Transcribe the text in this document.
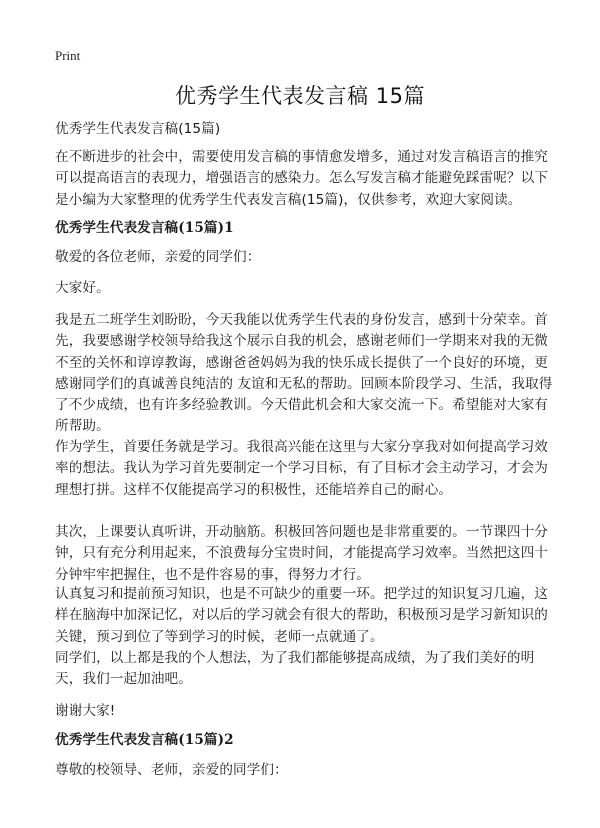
Print
优秀学生代表发言稿 15篇
优秀学生代表发言稿(15篇)
在不断进步的社会中，需要使用发言稿的事情愈发增多，通过对发言稿语言的推究可以提高语言的表现力，增强语言的感染力。怎么写发言稿才能避免踩雷呢？以下是小编为大家整理的优秀学生代表发言稿(15篇)，仅供参考，欢迎大家阅读。
优秀学生代表发言稿(15篇)1
敬爱的各位老师，亲爱的同学们：
大家好。
我是五二班学生刘盼盼，今天我能以优秀学生代表的身份发言，感到十分荣幸。首先，我要感谢学校领导给我这个展示自我的机会，感谢老师们一学期来对我的无微不至的关怀和谆谆教诲，感谢爸爸妈妈为我的快乐成长提供了一个良好的环境，更感谢同学们的真诚善良纯洁的 友谊和无私的帮助。回顾本阶段学习、生活，我取得了不少成绩，也有许多经验教训。今天借此机会和大家交流一下。希望能对大家有所帮助。
作为学生，首要任务就是学习。我很高兴能在这里与大家分享我对如何提高学习效率的想法。我认为学习首先要制定一个学习目标，有了目标才会主动学习，才会为理想打拼。这样不仅能提高学习的积极性，还能培养自己的耐心。
其次，上课要认真听讲，开动脑筋。积极回答问题也是非常重要的。一节课四十分钟，只有充分利用起来，不浪费每分宝贵时间，才能提高学习效率。当然把这四十分钟牢牢把握住，也不是件容易的事，得努力才行。
认真复习和提前预习知识，也是不可缺少的重要一环。把学过的知识复习几遍，这样在脑海中加深记忆，对以后的学习就会有很大的帮助，积极预习是学习新知识的关键，预习到位了等到学习的时候，老师一点就通了。
同学们，以上都是我的个人想法，为了我们都能够提高成绩，为了我们美好的明天，我们一起加油吧。
谢谢大家!
优秀学生代表发言稿(15篇)2
尊敬的校领导、老师，亲爱的同学们：
